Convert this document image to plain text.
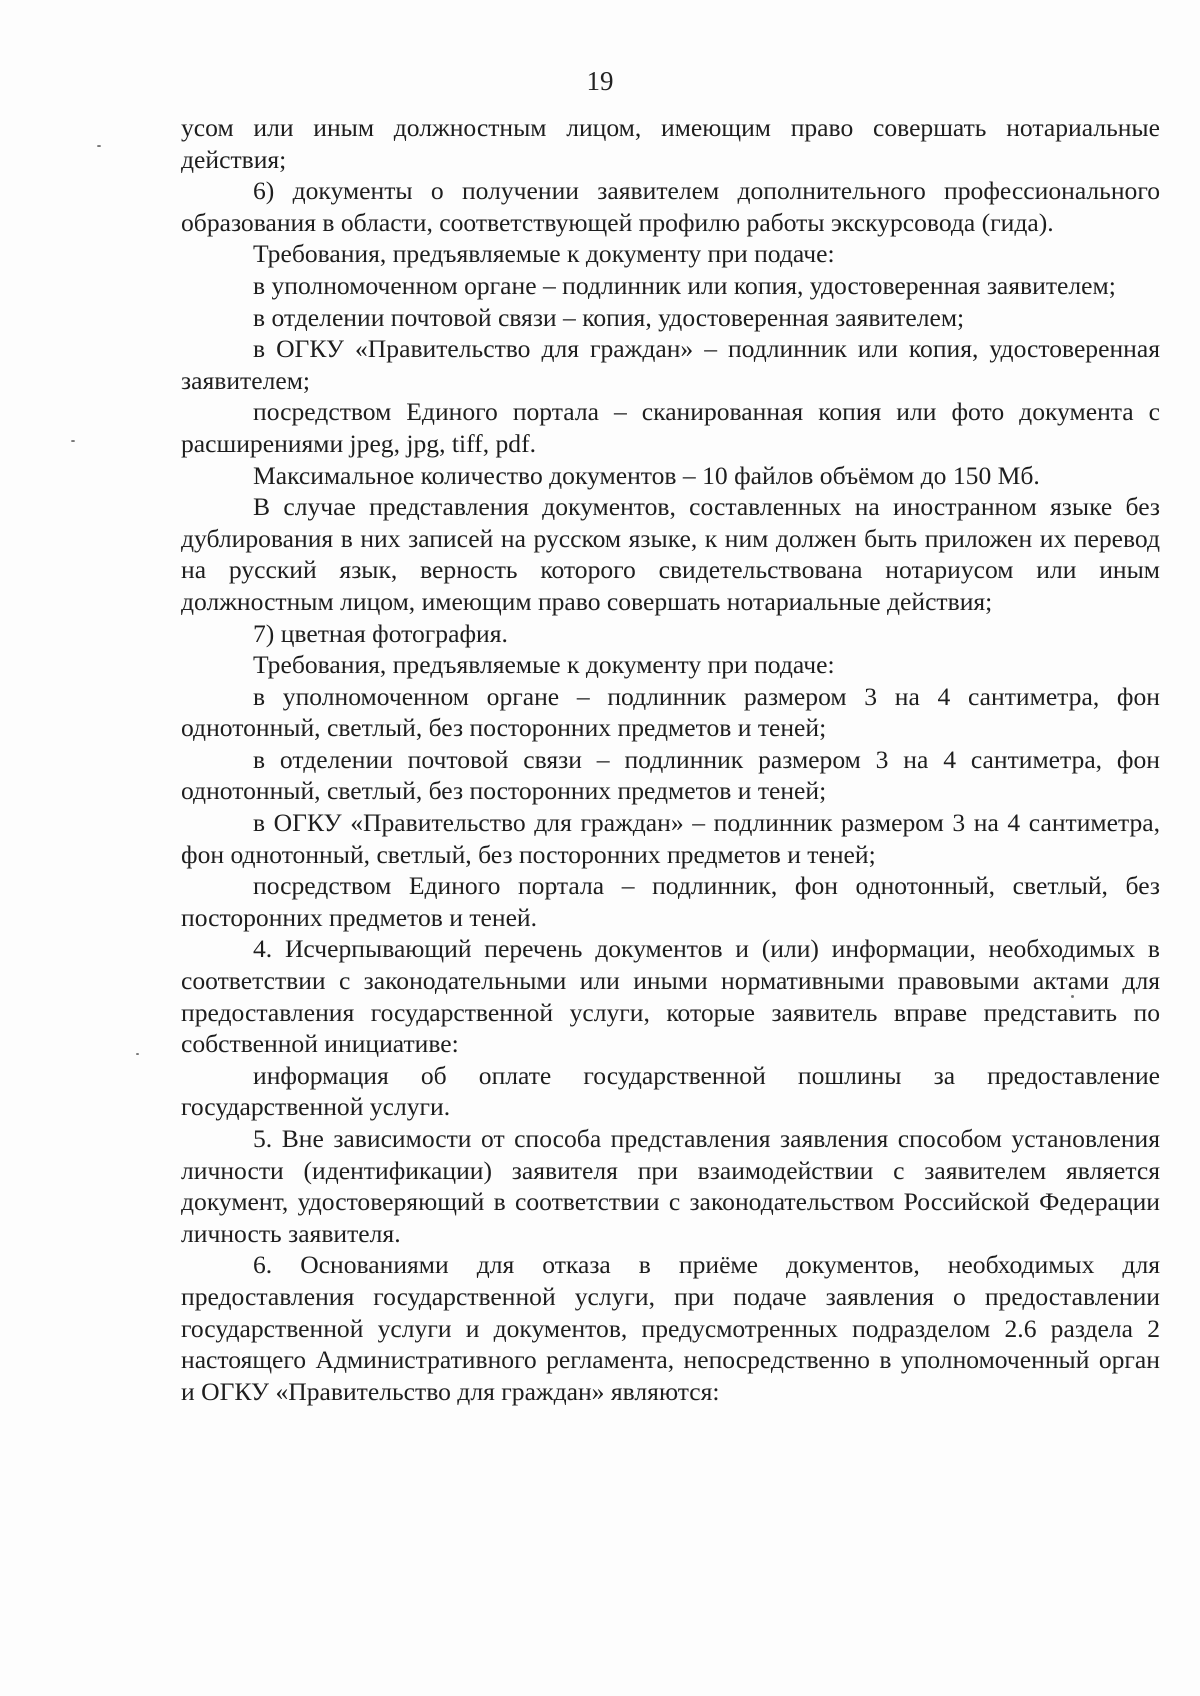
19

усом или иным должностным лицом, имеющим право совершать нотариальные действия;

6) документы о получении заявителем дополнительного профессионального образования в области, соответствующей профилю работы экскурсовода (гида).

Требования, предъявляемые к документу при подаче:

в уполномоченном органе – подлинник или копия, удостоверенная заявителем;

в отделении почтовой связи – копия, удостоверенная заявителем;

в ОГКУ «Правительство для граждан» – подлинник или копия, удостоверенная заявителем;

посредством Единого портала – сканированная копия или фото документа с расширениями jpeg, jpg, tiff, pdf.

Максимальное количество документов – 10 файлов объёмом до 150 Мб.

В случае представления документов, составленных на иностранном языке без дублирования в них записей на русском языке, к ним должен быть приложен их перевод на русский язык, верность которого свидетельствована нотариусом или иным должностным лицом, имеющим право совершать нотариальные действия;

7) цветная фотография.

Требования, предъявляемые к документу при подаче:

в уполномоченном органе – подлинник размером 3 на 4 сантиметра, фон однотонный, светлый, без посторонних предметов и теней;

в отделении почтовой связи – подлинник размером 3 на 4 сантиметра, фон однотонный, светлый, без посторонних предметов и теней;

в ОГКУ «Правительство для граждан» – подлинник размером 3 на 4 сантиметра, фон однотонный, светлый, без посторонних предметов и теней;

посредством Единого портала – подлинник, фон однотонный, светлый, без посторонних предметов и теней.

4. Исчерпывающий перечень документов и (или) информации, необходимых в соответствии с законодательными или иными нормативными правовыми актами для предоставления государственной услуги, которые заявитель вправе представить по собственной инициативе:

информация об оплате государственной пошлины за предоставление государственной услуги.

5. Вне зависимости от способа представления заявления способом установления личности (идентификации) заявителя при взаимодействии с заявителем является документ, удостоверяющий в соответствии с законодательством Российской Федерации личность заявителя.

6. Основаниями для отказа в приёме документов, необходимых для предоставления государственной услуги, при подаче заявления о предоставлении государственной услуги и документов, предусмотренных подразделом 2.6 раздела 2 настоящего Административного регламента, непосредственно в уполномоченный орган и ОГКУ «Правительство для граждан» являются:
